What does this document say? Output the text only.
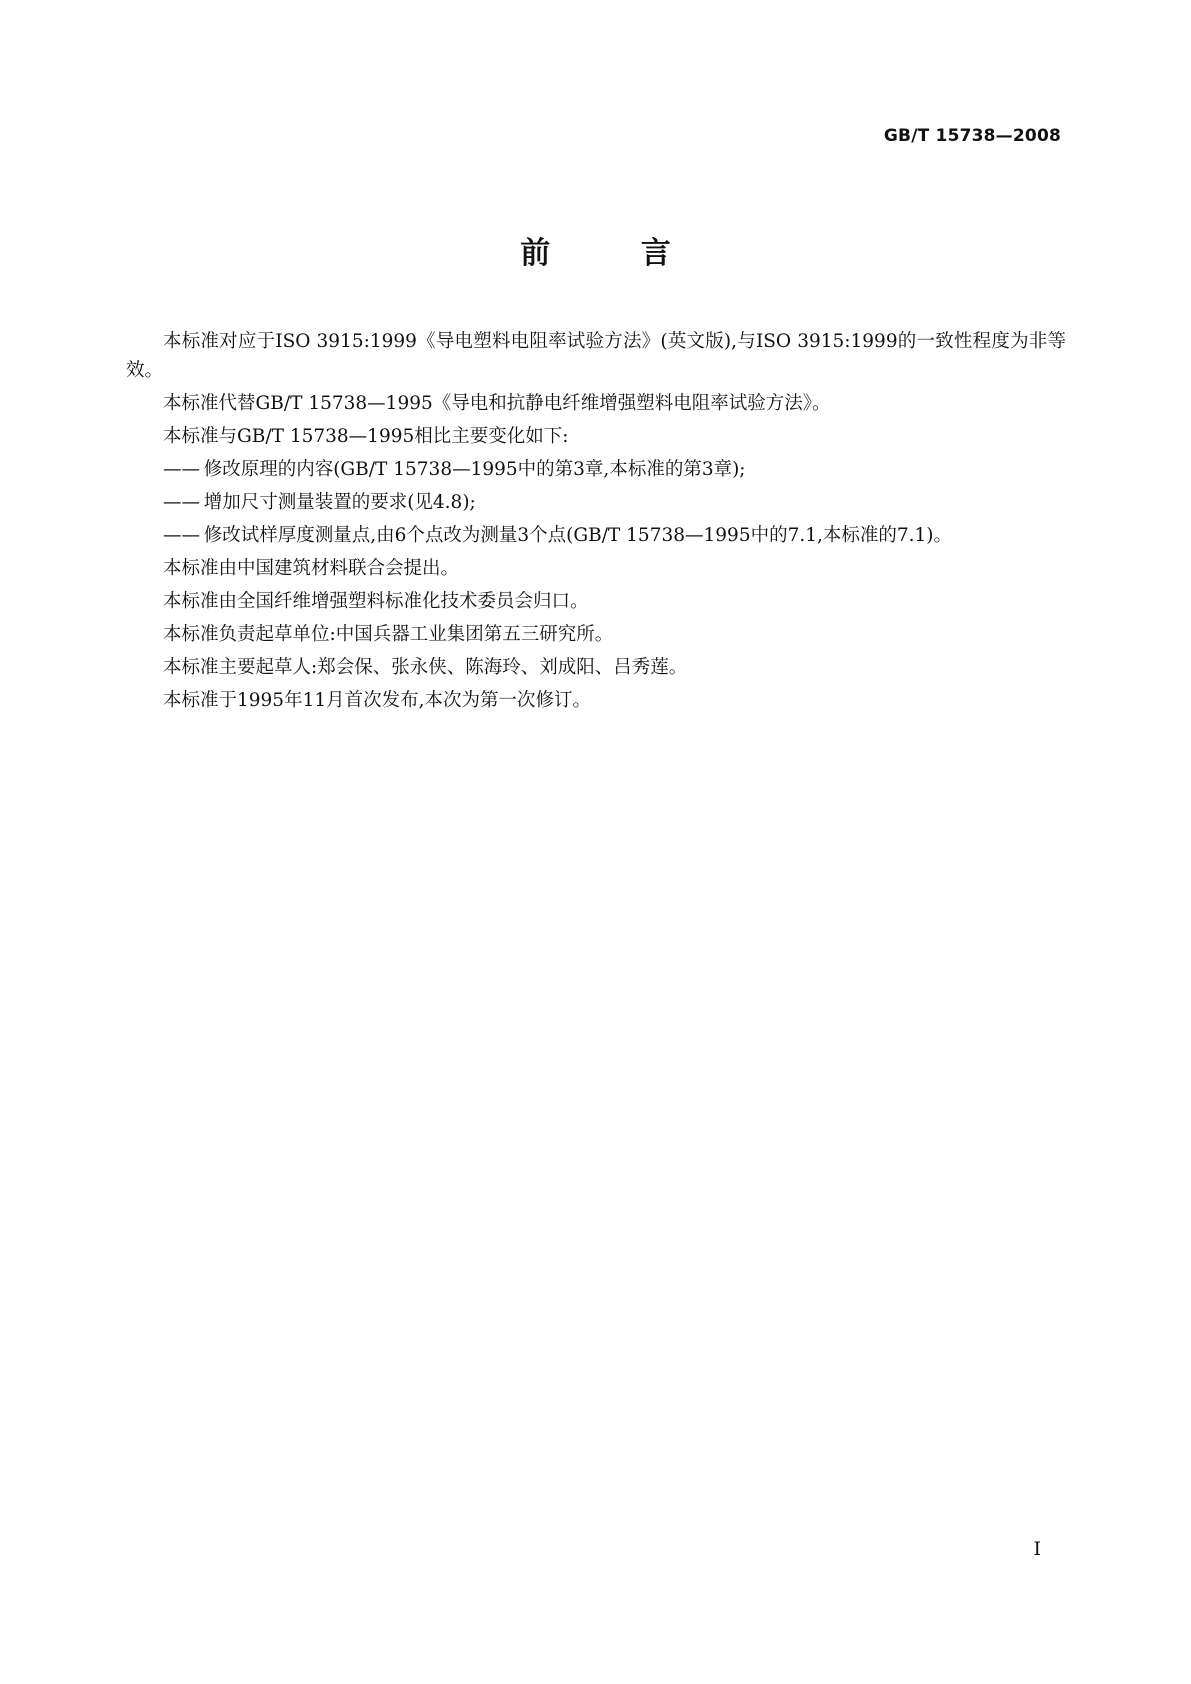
GB/T 15738—2008
前 言

本标准对应于ISO 3915:1999《导电塑料电阻率试验方法》(英文版),与ISO 3915:1999的一致性程度为非等效。

本标准代替GB/T 15738—1995《导电和抗静电纤维增强塑料电阻率试验方法》。

本标准与GB/T 15738—1995相比主要变化如下:

—— 修改原理的内容(GB/T 15738—1995中的第3章,本标准的第3章);
—— 增加尺寸测量装置的要求(见4.8);
—— 修改试样厚度测量点,由6个点改为测量3个点(GB/T 15738—1995中的7.1,本标准的7.1)。

本标准由中国建筑材料联合会提出。

本标准由全国纤维增强塑料标准化技术委员会归口。

本标准负责起草单位:中国兵器工业集团第五三研究所。

本标准主要起草人:郑会保、张永侠、陈海玲、刘成阳、吕秀莲。

本标准于1995年11月首次发布,本次为第一次修订。

I
